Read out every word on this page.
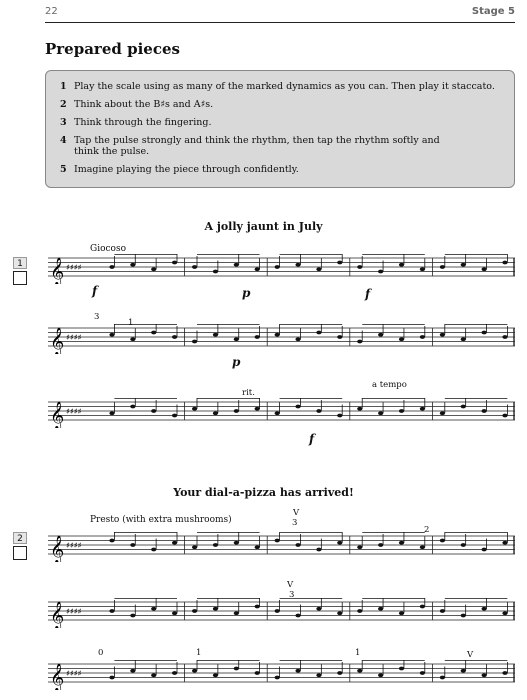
22	Stage 5
Prepared pieces
1 Play the scale using as many of the marked dynamics as you can. Then play it staccato.
2 Think about the B♯s and A♯s.
3 Think through the fingering.
4 Tap the pulse strongly and think the rhythm, then tap the rhythm softly and think the pulse.
5 Imagine playing the piece through confidently.
A jolly jaunt in July
1
Giocoso
𝄞 ♯♯♯♯
𝄞 ♯♯♯♯
𝄞 ♯♯♯♯
f	p	f
p
f
rit.
a tempo
3
1
Your dial-a-pizza has arrived!
2
Presto (with extra mushrooms)
𝄞 ♯♯♯♯
𝄞 ♯♯♯♯
𝄞 ♯♯♯♯
V
V
V
3
2
3
0	1	1
